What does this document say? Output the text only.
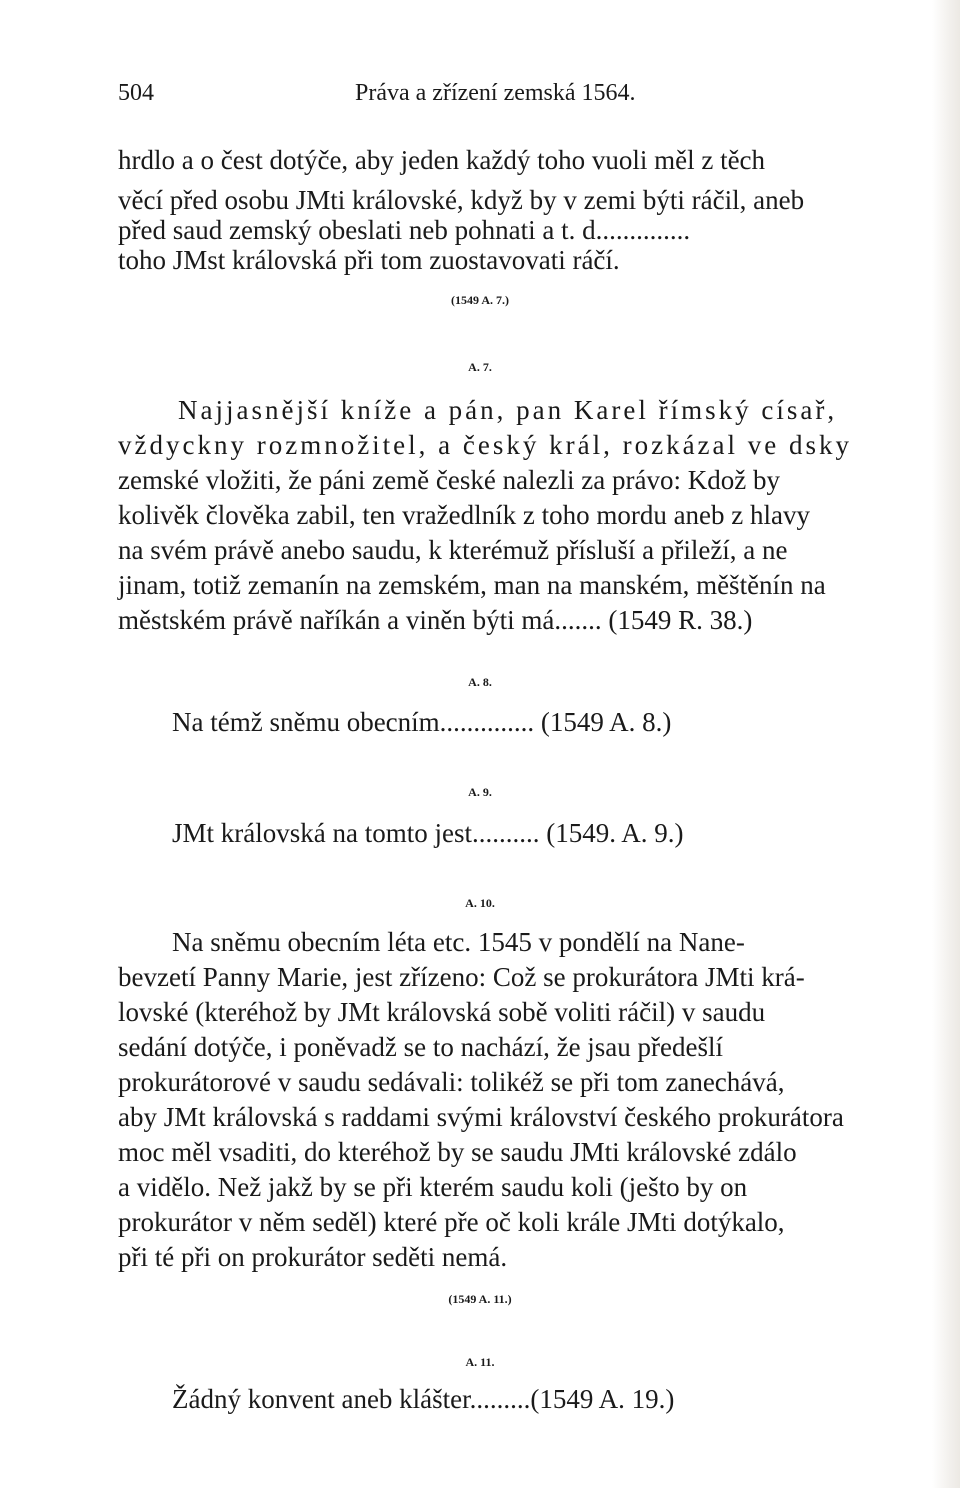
504	Práva a zřízení zemská 1564.
hrdlo a o čest dotýče, aby jeden každý toho vuoli měl z těch
věcí před osobu JMti královské, když by v zemi býti ráčil, aneb
před saud zemský obeslati neb pohnati a t. d..............
toho JMst královská při tom zuostavovati ráčí.
(1549 A. 7.)
A. 7.
Najjasnější kníže a pán, pan Karel římský císař,
vždyckny rozmnožitel, a český král, rozkázal ve dsky
zemské vložiti, že páni země české nalezli za právo: Kdož by
kolivěk člověka zabil, ten vražedlník z toho mordu aneb z hlavy
na svém právě anebo saudu, k kterémuž přísluší a přileží, a ne
jinam, totiž zemanín na zemském, man na manském, měštěnín na
městském právě naříkán a viněn býti má....... (1549 R. 38.)
A. 8.
Na témž sněmu obecním.............. (1549 A. 8.)
A. 9.
JMt královská na tomto jest.......... (1549. A. 9.)
A. 10.
Na sněmu obecním léta etc. 1545 v pondělí na Nane-
bevzetí Panny Marie, jest zřízeno: Což se prokurátora JMti krá-
lovské (kteréhož by JMt královská sobě voliti ráčil) v saudu
sedání dotýče, i poněvadž se to nachází, že jsau předešlí
prokurátorové v saudu sedávali: tolikéž se při tom zanechává,
aby JMt královská s raddami svými království českého prokurátora
moc měl vsaditi, do kteréhož by se saudu JMti královské zdálo
a vidělo. Než jakž by se při kterém saudu koli (ješto by on
prokurátor v něm seděl) které pře oč koli krále JMti dotýkalo,
při té při on prokurátor seděti nemá.
(1549 A. 11.)
A. 11.
Žádný konvent aneb klášter.........(1549 A. 19.)
